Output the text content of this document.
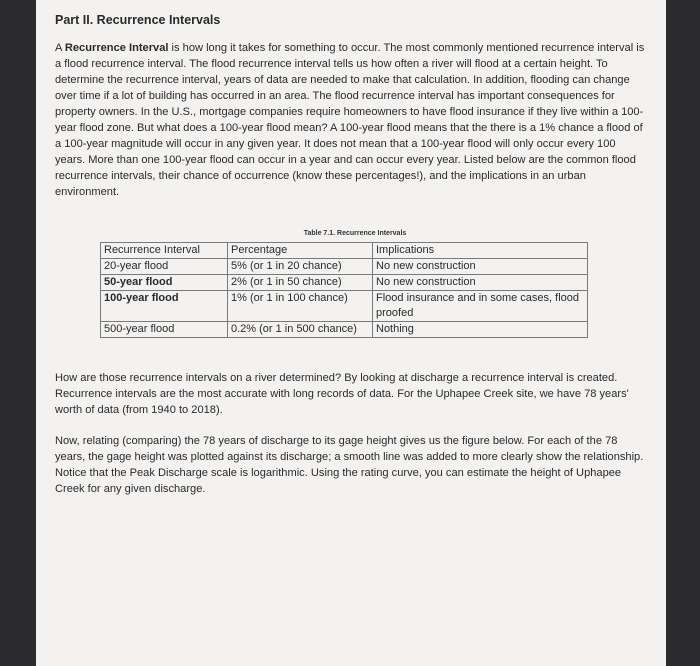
Part II. Recurrence Intervals

A Recurrence Interval is how long it takes for something to occur. The most commonly mentioned recurrence interval is a flood recurrence interval. The flood recurrence interval tells us how often a river will flood at a certain height. To determine the recurrence interval, years of data are needed to make that calculation. In addition, flooding can change over time if a lot of building has occurred in an area. The flood recurrence interval has important consequences for property owners. In the U.S., mortgage companies require homeowners to have flood insurance if they live within a 100-year flood zone. But what does a 100-year flood mean? A 100-year flood means that the there is a 1% chance a flood of a 100-year magnitude will occur in any given year. It does not mean that a 100-year flood will only occur every 100 years. More than one 100-year flood can occur in a year and can occur every year. Listed below are the common flood recurrence intervals, their chance of occurrence (know these percentages!), and the implications in an urban environment.

Table 7.1. Recurrence Intervals
Recurrence Interval	Percentage	Implications
20-year flood	5% (or 1 in 20 chance)	No new construction
50-year flood	2% (or 1 in 50 chance)	No new construction
100-year flood	1% (or 1 in 100 chance)	Flood insurance and in some cases, flood proofed
500-year flood	0.2% (or 1 in 500 chance)	Nothing

How are those recurrence intervals on a river determined? By looking at discharge a recurrence interval is created. Recurrence intervals are the most accurate with long records of data. For the Uphapee Creek site, we have 78 years' worth of data (from 1940 to 2018).

Now, relating (comparing) the 78 years of discharge to its gage height gives us the figure below. For each of the 78 years, the gage height was plotted against its discharge; a smooth line was added to more clearly show the relationship. Notice that the Peak Discharge scale is logarithmic. Using the rating curve, you can estimate the height of Uphapee Creek for any given discharge.
